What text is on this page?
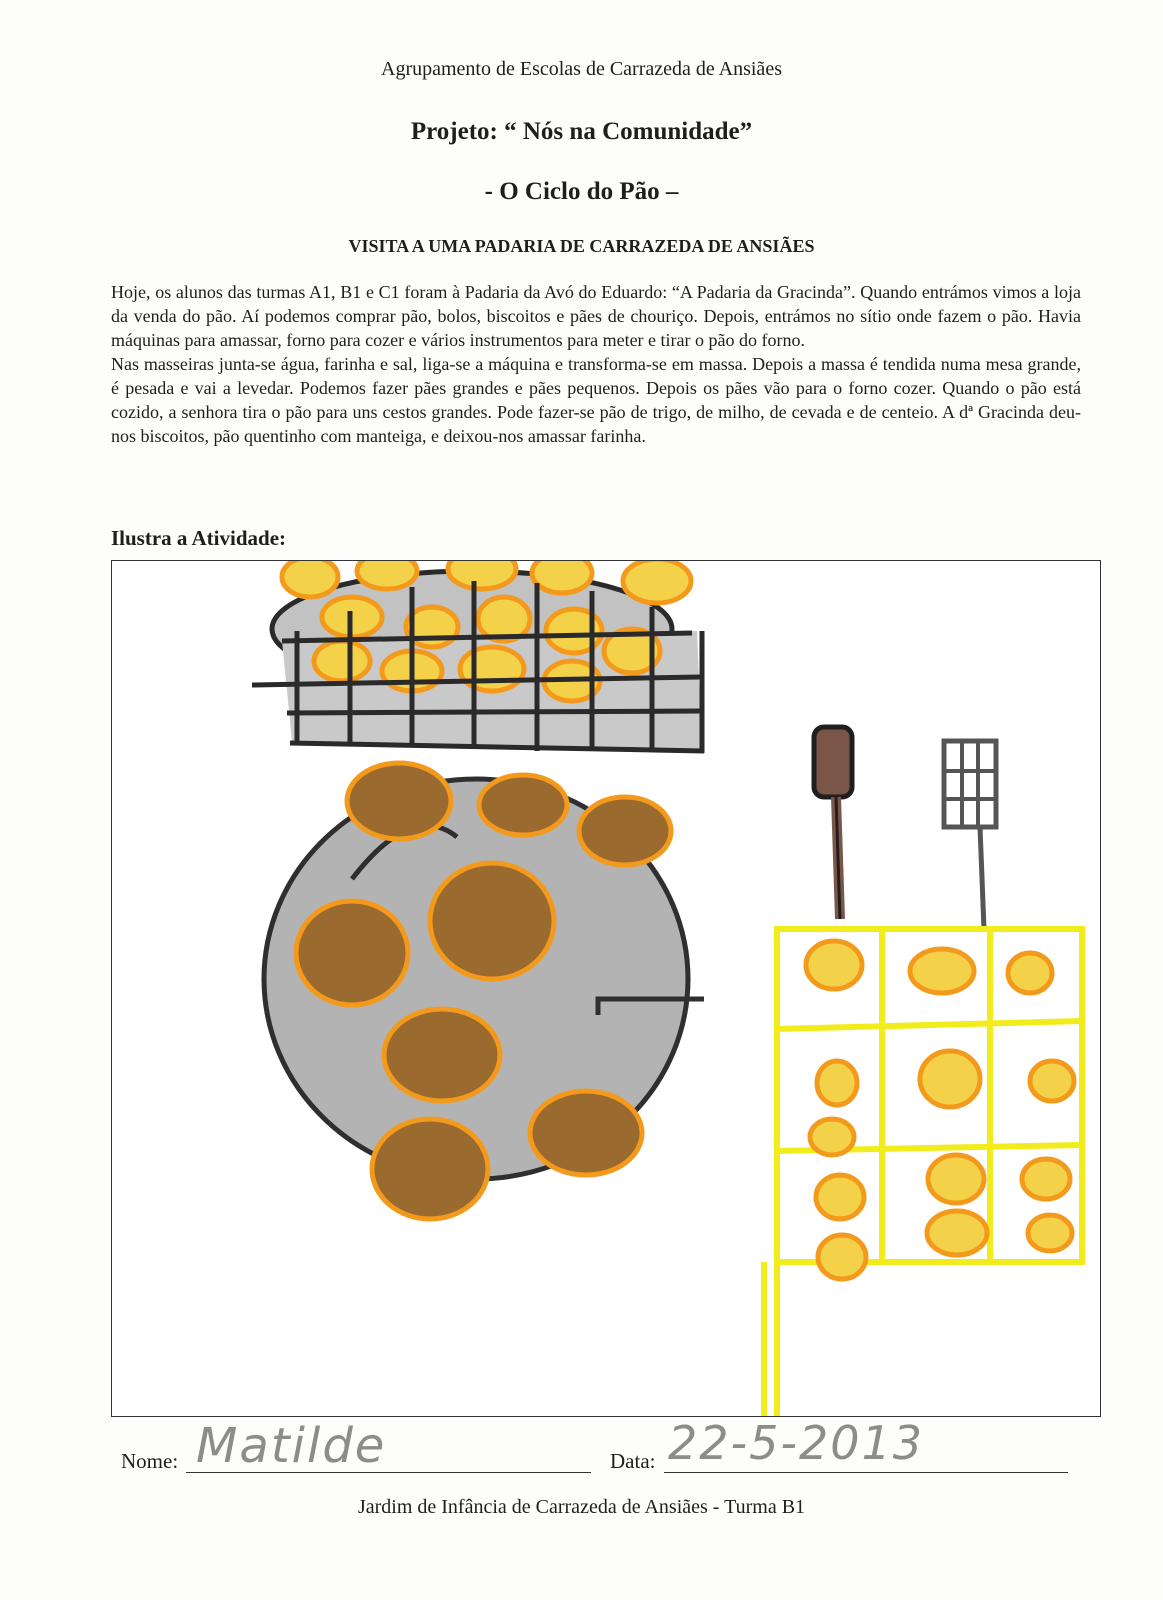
Agrupamento de Escolas de Carrazeda de Ansiães
Projeto: “ Nós na Comunidade”
- O Ciclo do Pão –
VISITA A UMA PADARIA DE CARRAZEDA DE ANSIÃES

Hoje, os alunos das turmas A1, B1 e C1 foram à Padaria da Avó do Eduardo: “A Padaria da Gracinda”. Quando entrámos vimos a loja da venda do pão. Aí podemos comprar pão, bolos, biscoitos e pães de chouriço. Depois, entrámos no sítio onde fazem o pão. Havia máquinas para amassar, forno para cozer e vários instrumentos para meter e tirar o pão do forno.

Nas masseiras junta-se água, farinha e sal, liga-se a máquina e transforma-se em massa. Depois a massa é tendida numa mesa grande, é pesada e vai a levedar. Podemos fazer pães grandes e pães pequenos. Depois os pães vão para o forno cozer. Quando o pão está cozido, a senhora tira o pão para uns cestos grandes. Pode fazer-se pão de trigo, de milho, de cevada e de centeio. A dª Gracinda deu-nos biscoitos, pão quentinho com manteiga, e deixou-nos amassar farinha.

Ilustra a Atividade:
Nome: Matilde	Data: 22-5-2013
Jardim de Infância de Carrazeda de Ansiães - Turma B1
